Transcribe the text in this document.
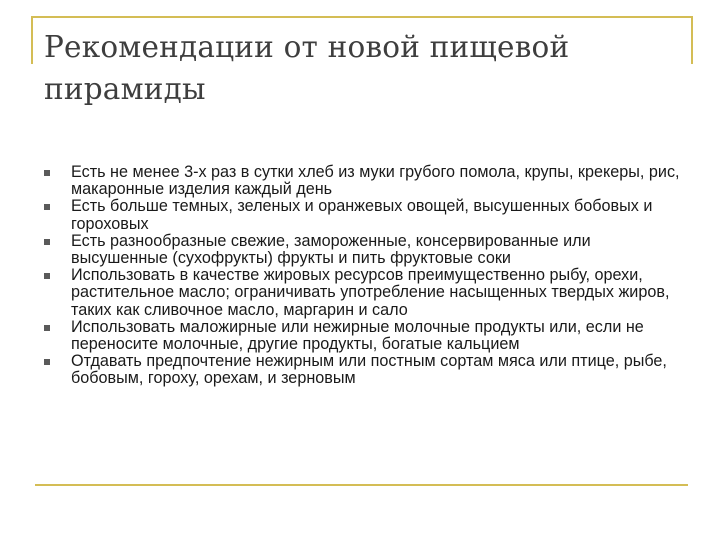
Рекомендации от новой пищевой пирамиды
Есть не менее 3-х раз в сутки хлеб из муки грубого помола, крупы, крекеры, рис, макаронные изделия каждый день
Есть больше темных, зеленых и оранжевых овощей, высушенных бобовых и гороховых
Есть разнообразные свежие, замороженные, консервированные или высушенные (сухофрукты) фрукты и пить фруктовые соки
Использовать в качестве жировых ресурсов преимущественно рыбу, орехи, растительное масло; ограничивать употребление насыщенных твердых жиров, таких как сливочное масло, маргарин и сало
Использовать маложирные или нежирные молочные продукты или, если не переносите молочные, другие продукты, богатые кальцием
Отдавать предпочтение нежирным или постным сортам мяса или птице, рыбе, бобовым, гороху, орехам, и зерновым
